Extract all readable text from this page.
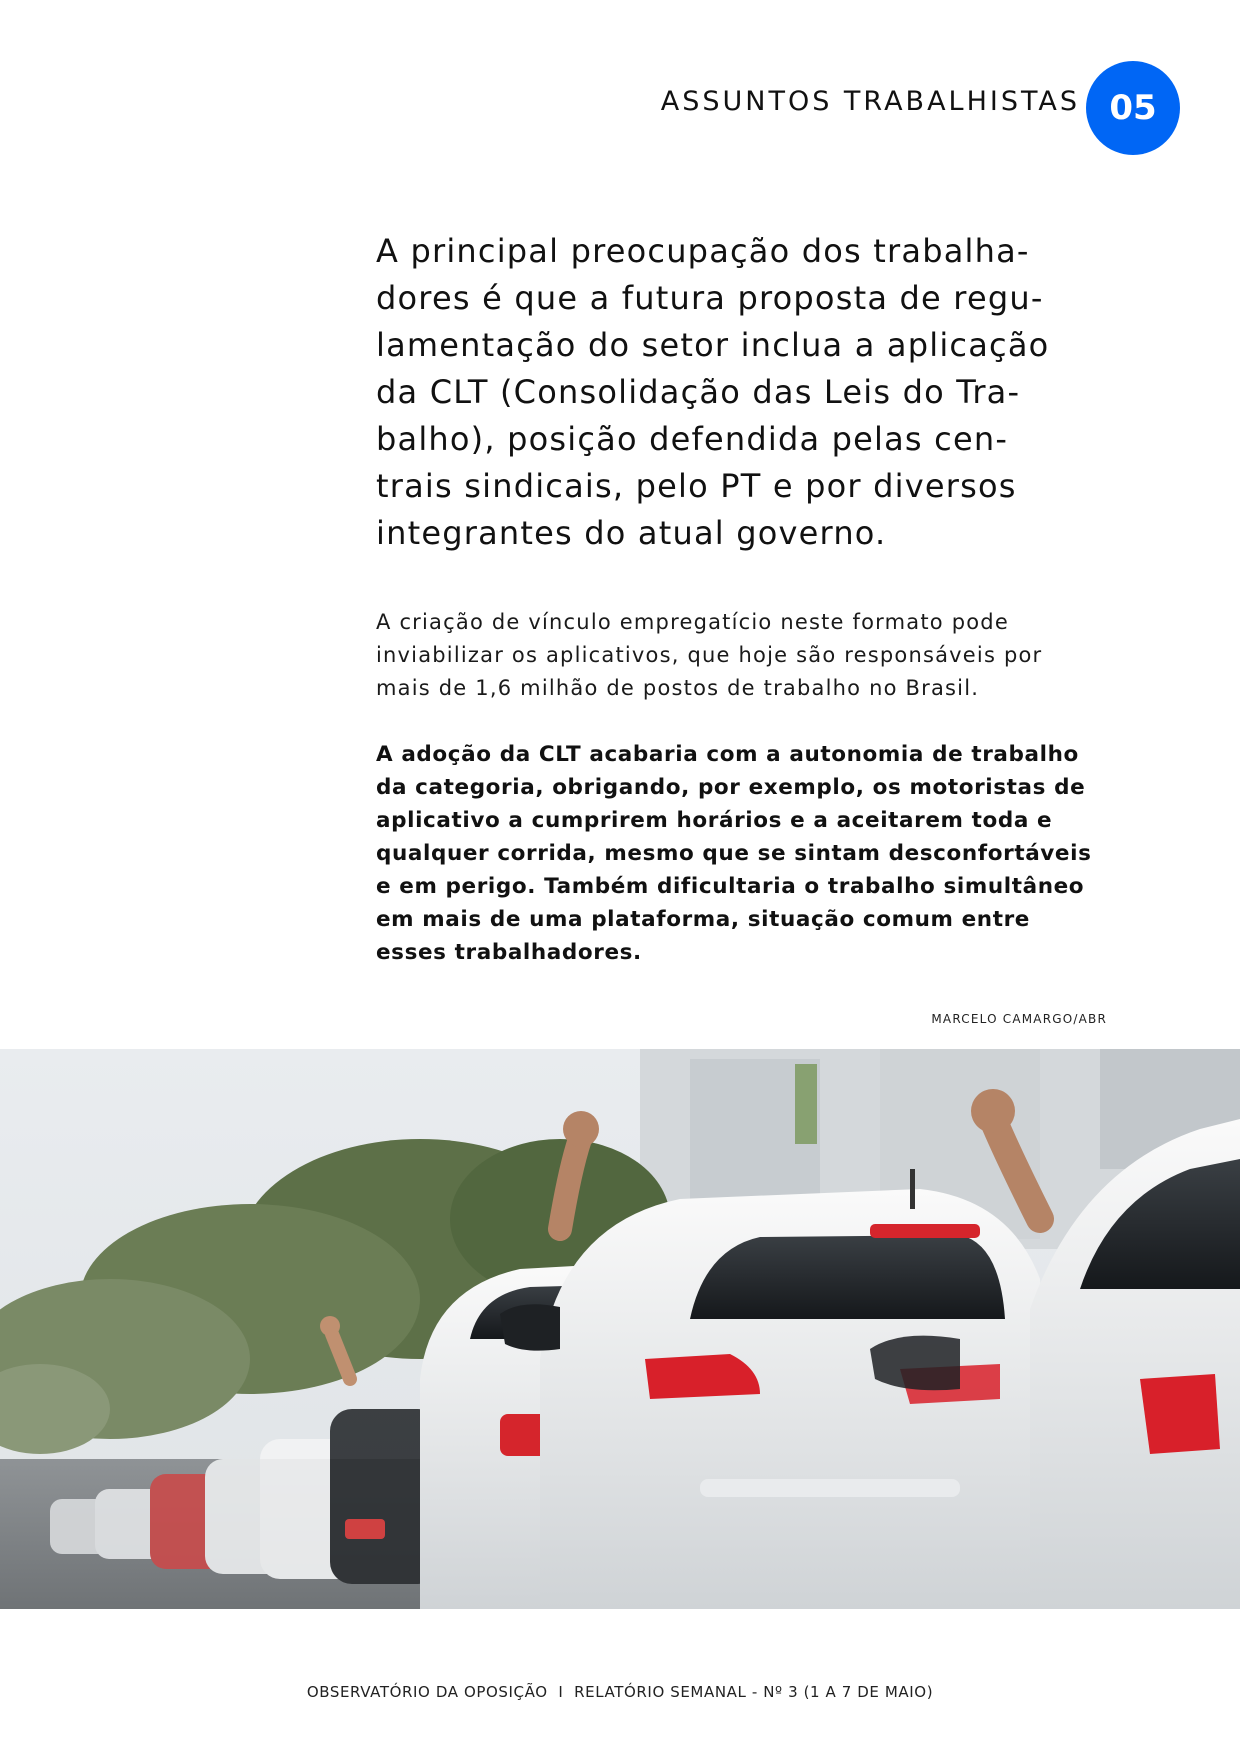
ASSUNTOS TRABALHISTAS 05
A principal preocupação dos trabalha-
dores é que a futura proposta de regu-
lamentação do setor inclua a aplicação
da CLT (Consolidação das Leis do Tra-
balho), posição defendida pelas cen-
trais sindicais, pelo PT e por diversos
integrantes do atual governo.
A criação de vínculo empregatício neste formato pode
inviabilizar os aplicativos, que hoje são responsáveis por
mais de 1,6 milhão de postos de trabalho no Brasil.
A adoção da CLT acabaria com a autonomia de trabalho
da categoria, obrigando, por exemplo, os motoristas de
aplicativo a cumprirem horários e a aceitarem toda e
qualquer corrida, mesmo que se sintam desconfortáveis
e em perigo. Também dificultaria o trabalho simultâneo
em mais de uma plataforma, situação comum entre
esses trabalhadores.
MARCELO CAMARGO/ABR
OBSERVATÓRIO DA OPOSIÇÃO  I  RELATÓRIO SEMANAL - Nº 3 (1 A 7 DE MAIO)
